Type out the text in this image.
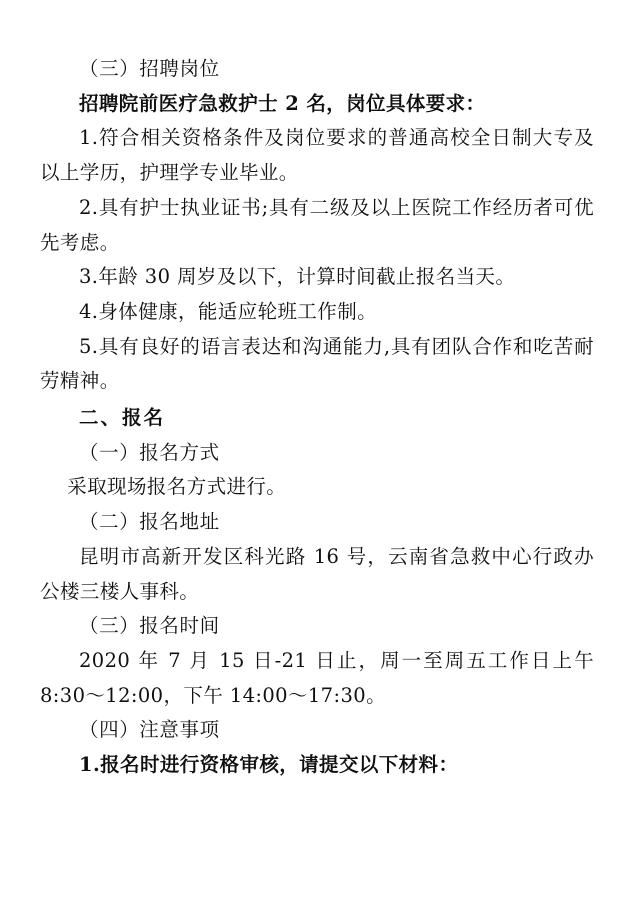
（三）招聘岗位

招聘院前医疗急救护士 2 名，岗位具体要求：

1.符合相关资格条件及岗位要求的普通高校全日制大专及以上学历，护理学专业毕业。

2.具有护士执业证书;具有二级及以上医院工作经历者可优先考虑。

3.年龄 30 周岁及以下，计算时间截止报名当天。

4.身体健康，能适应轮班工作制。

5.具有良好的语言表达和沟通能力,具有团队合作和吃苦耐劳精神。

二、报名

（一）报名方式

采取现场报名方式进行。

（二）报名地址

昆明市高新开发区科光路 16 号，云南省急救中心行政办公楼三楼人事科。

（三）报名时间

2020 年 7 月 15 日-21 日止，周一至周五工作日上午 8:30～12:00，下午 14:00～17:30。

（四）注意事项

1.报名时进行资格审核，请提交以下材料：
